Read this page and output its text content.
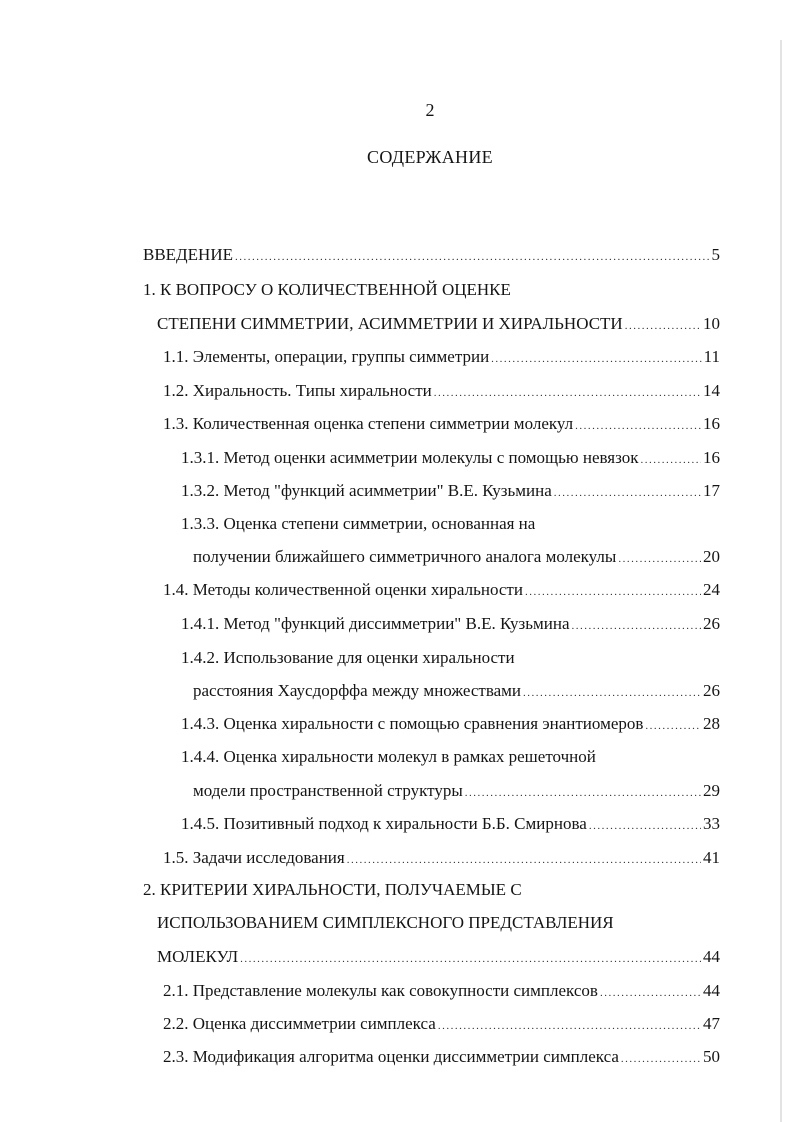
2
СОДЕРЖАНИЕ
ВВЕДЕНИЕ .....	5
1. К ВОПРОСУ О КОЛИЧЕСТВЕННОЙ ОЦЕНКЕ
СТЕПЕНИ СИММЕТРИИ, АСИММЕТРИИ И ХИРАЛЬНОСТИ .....	10
1.1. Элементы, операции, группы симметрии .....	11
1.2. Хиральность. Типы хиральности .....	14
1.3. Количественная оценка степени симметрии молекул .....	16
1.3.1. Метод оценки асимметрии молекулы с помощью невязок .....	16
1.3.2. Метод "функций асимметрии" В.Е. Кузьмина .....	17
1.3.3. Оценка степени симметрии, основанная на
получении ближайшего симметричного аналога молекулы .....	20
1.4. Методы количественной оценки хиральности .....	24
1.4.1. Метод "функций диссимметрии" В.Е. Кузьмина .....	26
1.4.2. Использование для оценки хиральности
расстояния Хаусдорффа между множествами .....	26
1.4.3. Оценка хиральности с помощью сравнения энантиомеров .....	28
1.4.4. Оценка хиральности молекул в рамках решеточной
модели пространственной структуры .....	29
1.4.5. Позитивный подход к хиральности Б.Б. Смирнова .....	33
1.5. Задачи исследования .....	41
2. КРИТЕРИИ ХИРАЛЬНОСТИ, ПОЛУЧАЕМЫЕ С
ИСПОЛЬЗОВАНИЕМ СИМПЛЕКСНОГО ПРЕДСТАВЛЕНИЯ
МОЛЕКУЛ .....	44
2.1. Представление молекулы как совокупности симплексов .....	44
2.2. Оценка диссимметрии симплекса .....	47
2.3. Модификация алгоритма оценки диссимметрии симплекса .....	50
